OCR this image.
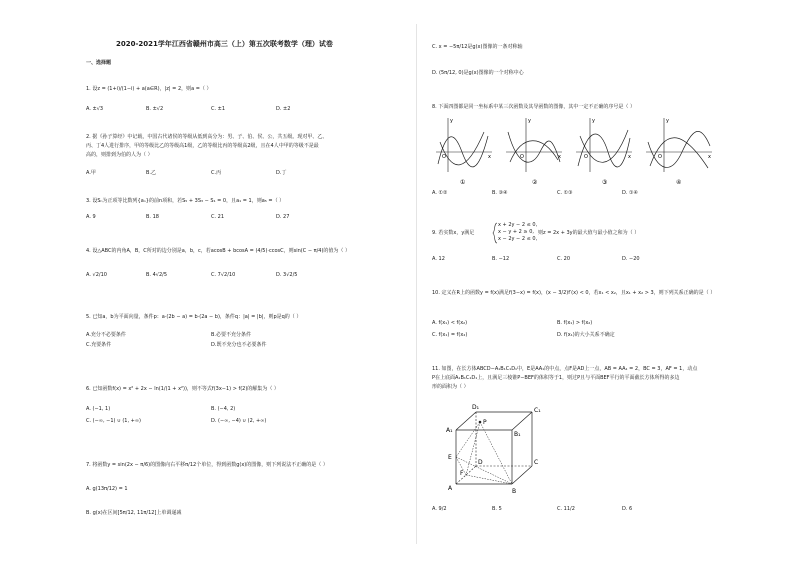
2020-2021学年江西省赣州市高三（上）第五次联考数学（理）试卷
一、选择题
1. 设z = (1+i)/(1−i) + a(a∈R)，|z| = 2，则a =（ ）
A. ±√3	B. ±√2	C. ±1	D. ±2
2. 据《孙子算经》中记载，中国古代诸侯的等级从低到高分为：男、子、伯、侯、公，共五级。现对甲、乙、
丙、丁4人进行排序，甲的等级比乙的等级高1级，乙的等级比丙的等级高2级，且在4人中甲的等级不是最
高的，则排到为伯的人为（ ）
A.甲	B.乙	C.丙	D.丁
3. 设Sₙ为正项等比数列{aₙ}的前n项和，若S₅ + 3S₃ − S₁ = 0，且a₁ = 1，则a₅ =（ ）
A. 9	B. 18	C. 21	D. 27
4. 设△ABC的内角A，B，C所对的边分别是a，b，c，若acosB + bcosA = (4/5)·ccosC，则sin(C − π/4)的值为（ ）
A. √2/10	B. 4√2/5	C. 7√2/10	D. 3√2/5
5. 已知a，b为平面向量，条件p：a·(2b − a) = b·(2a − b)，条件q：|a| = |b|，则p是q的（ ）
A.充分不必要条件	B.必要不充分条件
C.充要条件	D.既不充分也不必要条件
6. 已知函数f(x) = x² + 2x − ln(1/(1 + x²))，则不等式f(3x−1) > f(2)的解集为（ ）
A. (−1, 1)	B. (−4, 2)
C. (−∞, −1) ∪ (1, +∞)	D. (−∞, −4) ∪ (2, +∞)
7. 将函数y = sin(2x − π/6)的图像向右平移π/12个单位，得到函数g(x)的图像，则下列说法不正确的是（ ）
A. g(13π/12) = 1
B. g(x)在区间[5π/12, 11π/12]上单调递减
C. x = −5π/12是g(x)图像的一条对称轴
D. (5π/12, 0)是g(x)图像的一个对称中心
8. 下面四图都是同一坐标系中某三次函数及其导函数的图像，其中一定不正确的序号是（ ）
x
y
O
①
x
y
O
②
x
y
O
③
x
y
O
④
A. ①②	B. ③④	C. ①③	D. ①④
9. 若实数x，y满足
x + 2y − 2 ≤ 0,
x − y + 2 ≥ 0,
x − 2y − 2 ≤ 0,
则z = 2x + 3y的最大值与最小值之和为（ ）
A. 12	B. −12	C. 20	D. −20
10. 定义在R上的函数y = f(x)满足f(3−x) = f(x)，(x − 3/2)f′(x) < 0，若x₁ < x₂，且x₁ + x₂ > 3，则下列关系正确的是（ ）
A. f(x₁) < f(x₂)	B. f(x₁) > f(x₂)
C. f(x₁) = f(x₂)	D. f(x₁)的大小关系不确定
11. 如图，在长方体ABCD−A₁B₁C₁D₁中，E是AA₁的中点，点F是AD上一点，AB = AA₁ = 2，BC = 3，AF = 1，动点
P在上底面A₁B₁C₁D₁上，且满足三棱锥P−BEF的体积等于1，则过P且与平面BEF平行的平面截长方体所得的多边
形的面积为（ ）
D₁	C₁
A₁
B₁
P
D	C
E
F
A	B
A. 9/2	B. 5	C. 11/2	D. 6
